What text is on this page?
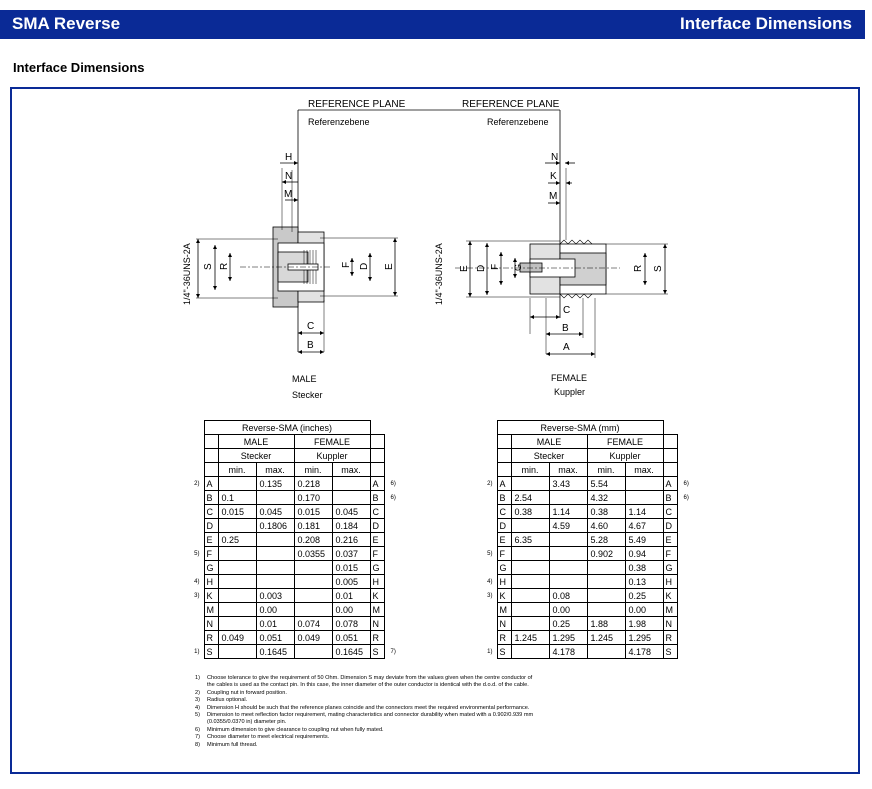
SMA Reverse	Interface Dimensions
Interface Dimensions
REFERENCE PLANE
Referenzebene
REFERENCE PLANE
Referenzebene
1/4"-36UNS-2A	1/4"-36UNS-2A
H
N
M
S R	F D E
C
B
N
K
M
E D F G	R S
C
B
A
MALE
Stecker
FEMALE
Kuppler
	Reverse-SMA (inches)						
		MALE		FEMALE			
		Stecker		Kuppler			
		min.	max.	min.	max.		
2)	A		0.135	0.218		A	6)
	B	0.1		0.170		B	6)
	C	0.015	0.045	0.015	0.045	C	
	D		0.1806	0.181	0.184	D	
	E	0.25		0.208	0.216	E	
5)	F			0.0355	0.037	F	
	G				0.015	G	
4)	H				0.005	H	
3)	K		0.003		0.01	K	
	M		0.00		0.00	M	
	N		0.01	0.074	0.078	N	
	R	0.049	0.051	0.049	0.051	R	
1)	S		0.1645		0.1645	S	7)
	Reverse-SMA (mm)						
		MALE		FEMALE			
		Stecker		Kuppler			
		min.	max.	min.	max.		
2)	A		3.43	5.54		A	6)
	B	2.54		4.32		B	6)
	C	0.38	1.14	0.38	1.14	C	
	D		4.59	4.60	4.67	D	
	E	6.35		5.28	5.49	E	
5)	F			0.902	0.94	F	
	G				0.38	G	
4)	H				0.13	H	
3)	K		0.08		0.25	K	
	M		0.00		0.00	M	
	N		0.25	1.88	1.98	N	
	R	1.245	1.295	1.245	1.295	R	
1)	S		4.178		4.178	S	
1)	Choose tolerance to give the requirement of 50 Ohm. Dimension S may deviate from the values given when the centre conductor of
the cables is used as the contact pin. In this case, the inner diameter of the outer conductor is identical with the d.o.d. of the cable.
2)	Coupling nut in forward position.
3)	Radius optional.
4)	Dimension H should be such that the reference planes coincide and the connectors meet the required environmental performance.
5)	Dimension to meet reflection factor requirement, mating characteristics and connector durability when mated with a 0.902/0.939 mm
(0.0355/0.0370 in) diameter pin.
6)	Minimum dimension to give clearance to coupling nut when fully mated.
7)	Choose diameter to meet electrical requirements.
8)	Minimum full thread.
